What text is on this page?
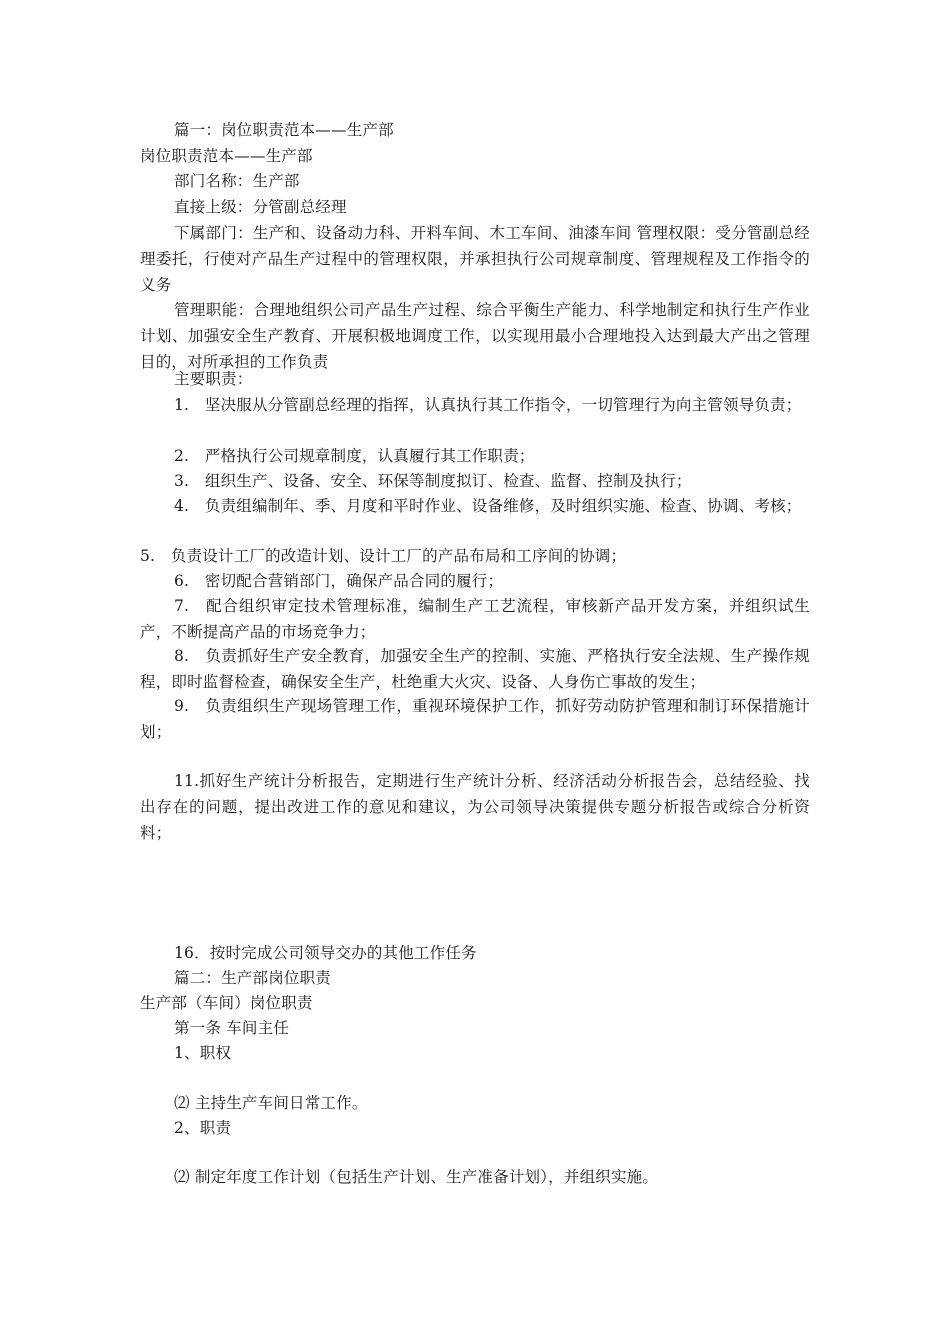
篇一：岗位职责范本——生产部
岗位职责范本——生产部
部门名称：生产部
直接上级：分管副总经理

下属部门：生产和、设备动力科、开料车间、木工车间、油漆车间 管理权限：受分管副总经理委托，行使对产品生产过程中的管理权限，并承担执行公司规章制度、管理规程及工作指令的义务

管理职能：合理地组织公司产品生产过程、综合平衡生产能力、科学地制定和执行生产作业计划、加强安全生产教育、开展积极地调度工作，以实现用最小合理地投入达到最大产出之管理目的，对所承担的工作负责

主要职责：

1.　坚决服从分管副总经理的指挥，认真执行其工作指令，一切管理行为向主管领导负责；

2.　严格执行公司规章制度，认真履行其工作职责；
3.　组织生产、设备、安全、环保等制度拟订、检查、监督、控制及执行；

4.　负责组编制年、季、月度和平时作业、设备维修，及时组织实施、检查、协调、考核；

5.　负责设计工厂的改造计划、设计工厂的产品布局和工序间的协调；
6.　密切配合营销部门，确保产品合同的履行；

7.　配合组织审定技术管理标准，编制生产工艺流程，审核新产品开发方案，并组织试生产，不断提高产品的市场竞争力；

8.　负责抓好生产安全教育，加强安全生产的控制、实施、严格执行安全法规、生产操作规程，即时监督检查，确保安全生产，杜绝重大火灾、设备、人身伤亡事故的发生；

9.　负责组织生产现场管理工作，重视环境保护工作，抓好劳动防护管理和制订环保措施计划；

11.抓好生产统计分析报告，定期进行生产统计分析、经济活动分析报告会，总结经验、找出存在的问题，提出改进工作的意见和建议，为公司领导决策提供专题分析报告或综合分析资料；

16．按时完成公司领导交办的其他工作任务
篇二：生产部岗位职责
生产部（车间）岗位职责
第一条 车间主任
1、职权
⑵ 主持生产车间日常工作。
2、职责
⑵ 制定年度工作计划（包括生产计划、生产准备计划），并组织实施。
